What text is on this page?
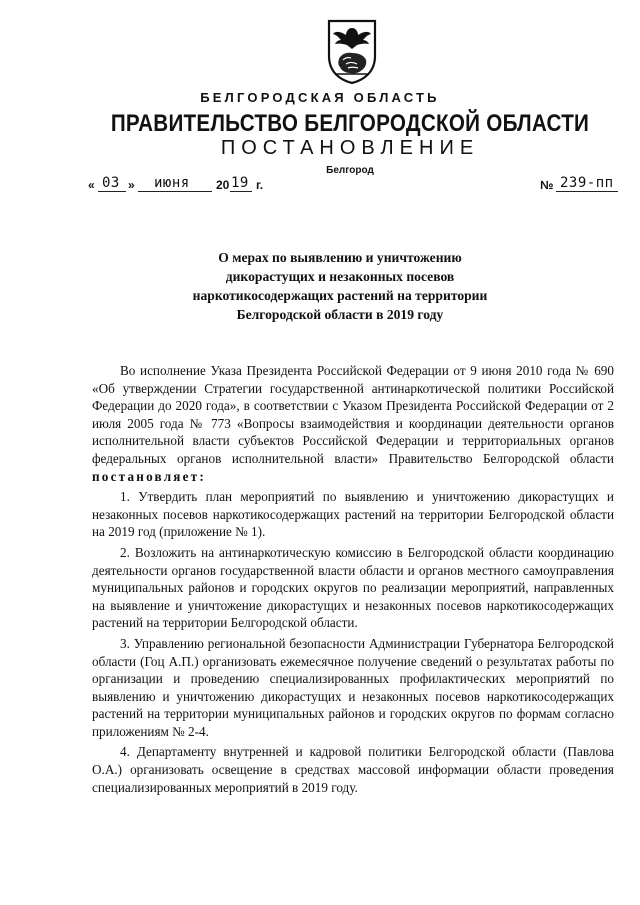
БЕЛГОРОДСКАЯ ОБЛАСТЬ
ПРАВИТЕЛЬСТВО БЕЛГОРОДСКОЙ ОБЛАСТИ
ПОСТАНОВЛЕНИЕ
Белгород
« 03 » июня 20 19 г.	№ 239-пп
О мерах по выявлению и уничтожению
дикорастущих и незаконных посевов
наркотикосодержащих растений на территории
Белгородской области в 2019 году

Во исполнение Указа Президента Российской Федерации от 9 июня 2010 года № 690 «Об утверждении Стратегии государственной антинаркотической политики Российской Федерации до 2020 года», в соответствии с Указом Президента Российской Федерации от 2 июля 2005 года № 773 «Вопросы взаимодействия и координации деятельности органов исполнительной власти субъектов Российской Федерации и территориальных органов федеральных органов исполнительной власти» Правительство Белгородской области постановляет:

1. Утвердить план мероприятий по выявлению и уничтожению дикорастущих и незаконных посевов наркотикосодержащих растений на территории Белгородской области на 2019 год (приложение № 1).

2. Возложить на антинаркотическую комиссию в Белгородской области координацию деятельности органов государственной власти области и органов местного самоуправления муниципальных районов и городских округов по реализации мероприятий, направленных на выявление и уничтожение дикорастущих и незаконных посевов наркотикосодержащих растений на территории Белгородской области.

3. Управлению региональной безопасности Администрации Губернатора Белгородской области (Гоц А.П.) организовать ежемесячное получение сведений о результатах работы по организации и проведению специализированных профилактических мероприятий по выявлению и уничтожению дикорастущих и незаконных посевов наркотикосодержащих растений на территории муниципальных районов и городских округов по формам согласно приложениям № 2-4.

4. Департаменту внутренней и кадровой политики Белгородской области (Павлова О.А.) организовать освещение в средствах массовой информации области проведения специализированных мероприятий в 2019 году.
